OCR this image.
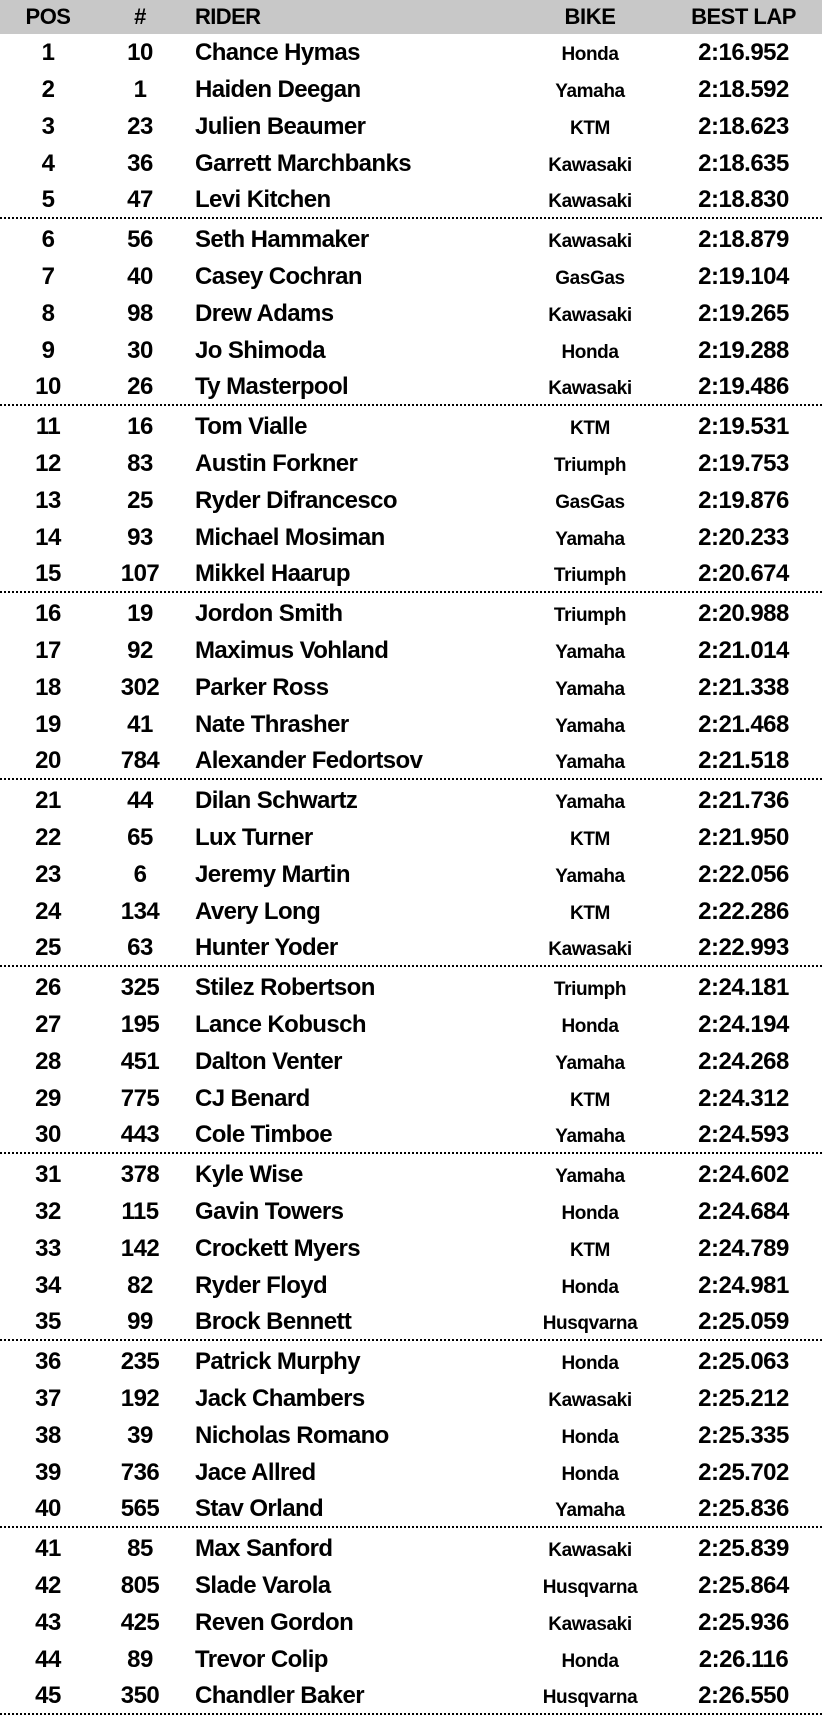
POS	#	RIDER	BIKE	BEST LAP
1	10	Chance Hymas	Honda	2:16.952
2	1	Haiden Deegan	Yamaha	2:18.592
3	23	Julien Beaumer	KTM	2:18.623
4	36	Garrett Marchbanks	Kawasaki	2:18.635
5	47	Levi Kitchen	Kawasaki	2:18.830
6	56	Seth Hammaker	Kawasaki	2:18.879
7	40	Casey Cochran	GasGas	2:19.104
8	98	Drew Adams	Kawasaki	2:19.265
9	30	Jo Shimoda	Honda	2:19.288
10	26	Ty Masterpool	Kawasaki	2:19.486
11	16	Tom Vialle	KTM	2:19.531
12	83	Austin Forkner	Triumph	2:19.753
13	25	Ryder Difrancesco	GasGas	2:19.876
14	93	Michael Mosiman	Yamaha	2:20.233
15	107	Mikkel Haarup	Triumph	2:20.674
16	19	Jordon Smith	Triumph	2:20.988
17	92	Maximus Vohland	Yamaha	2:21.014
18	302	Parker Ross	Yamaha	2:21.338
19	41	Nate Thrasher	Yamaha	2:21.468
20	784	Alexander Fedortsov	Yamaha	2:21.518
21	44	Dilan Schwartz	Yamaha	2:21.736
22	65	Lux Turner	KTM	2:21.950
23	6	Jeremy Martin	Yamaha	2:22.056
24	134	Avery Long	KTM	2:22.286
25	63	Hunter Yoder	Kawasaki	2:22.993
26	325	Stilez Robertson	Triumph	2:24.181
27	195	Lance Kobusch	Honda	2:24.194
28	451	Dalton Venter	Yamaha	2:24.268
29	775	CJ Benard	KTM	2:24.312
30	443	Cole Timboe	Yamaha	2:24.593
31	378	Kyle Wise	Yamaha	2:24.602
32	115	Gavin Towers	Honda	2:24.684
33	142	Crockett Myers	KTM	2:24.789
34	82	Ryder Floyd	Honda	2:24.981
35	99	Brock Bennett	Husqvarna	2:25.059
36	235	Patrick Murphy	Honda	2:25.063
37	192	Jack Chambers	Kawasaki	2:25.212
38	39	Nicholas Romano	Honda	2:25.335
39	736	Jace Allred	Honda	2:25.702
40	565	Stav Orland	Yamaha	2:25.836
41	85	Max Sanford	Kawasaki	2:25.839
42	805	Slade Varola	Husqvarna	2:25.864
43	425	Reven Gordon	Kawasaki	2:25.936
44	89	Trevor Colip	Honda	2:26.116
45	350	Chandler Baker	Husqvarna	2:26.550
